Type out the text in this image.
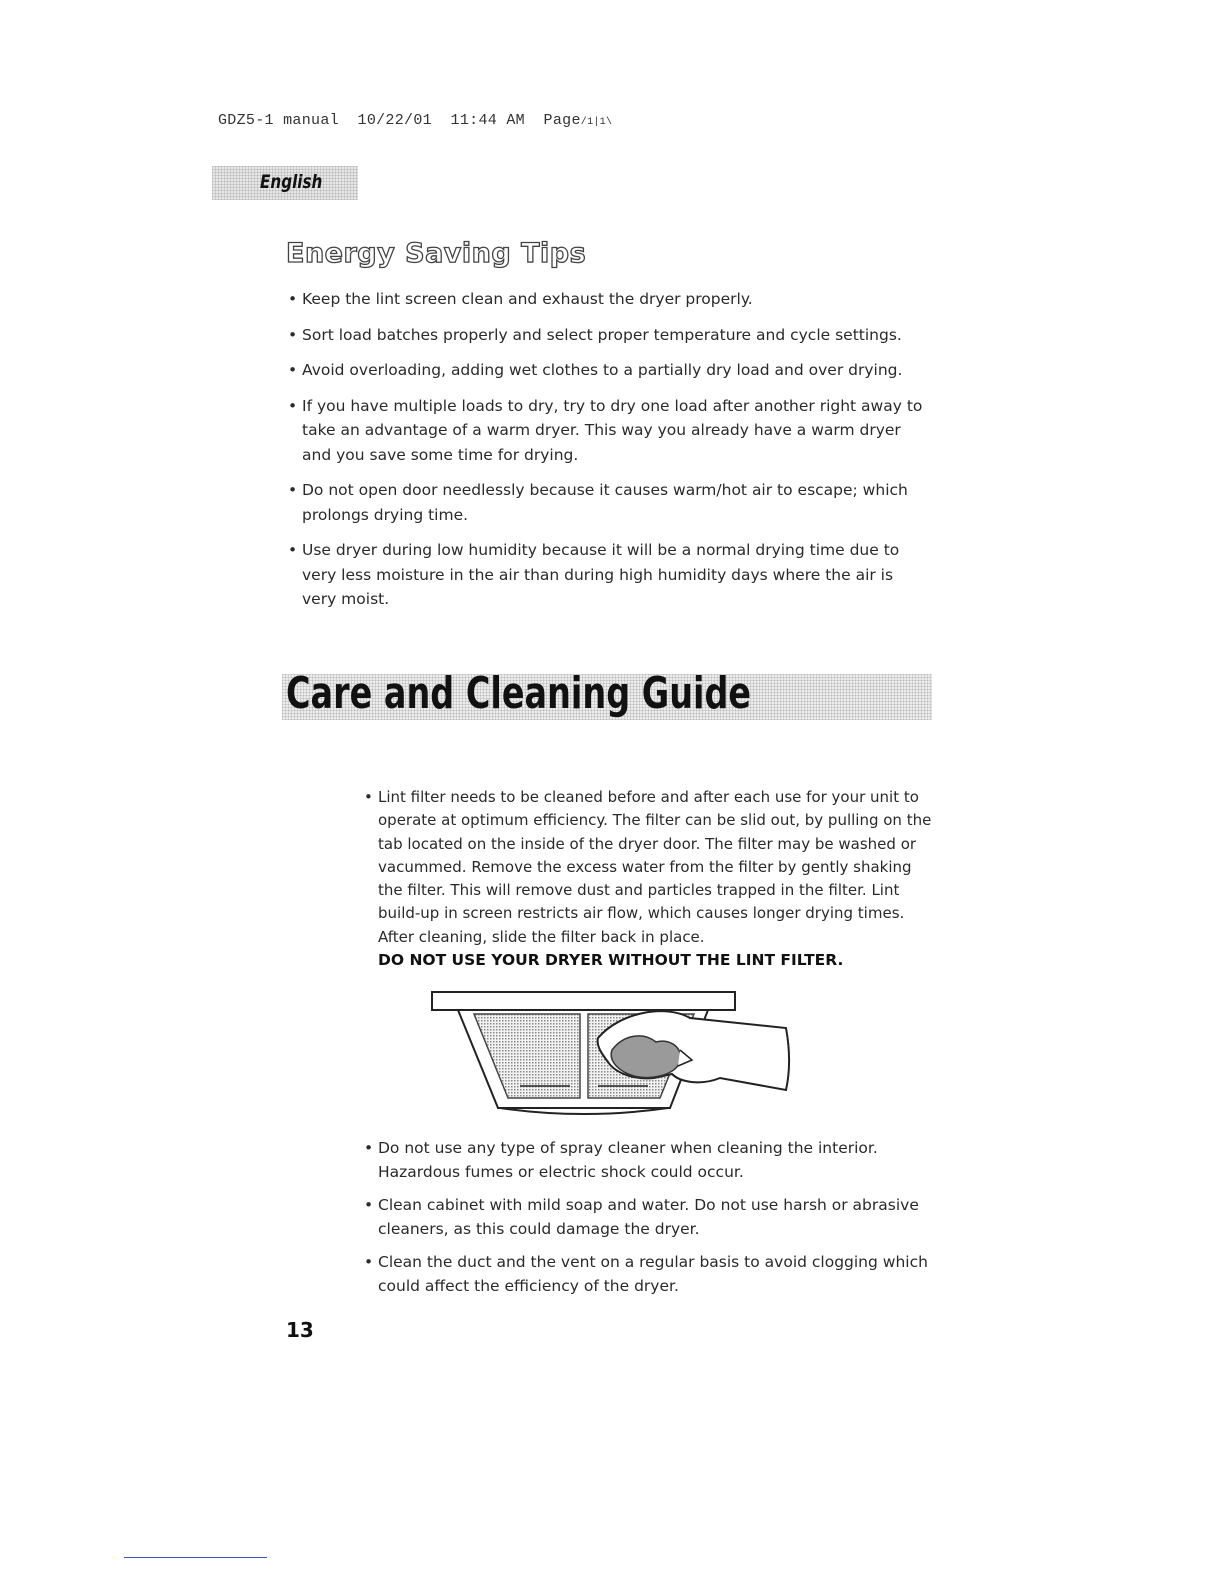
GDZ5-1 manual  10/22/01  11:44 AM  Page/1|1\
English
Energy Saving Tips
• Keep the lint screen clean and exhaust the dryer properly.
• Sort load batches properly and select proper temperature and cycle settings.
• Avoid overloading, adding wet clothes to a partially dry load and over drying.
• If you have multiple loads to dry, try to dry one load after another right away to take an advantage of a warm dryer. This way you already have a warm dryer and you save some time for drying.
• Do not open door needlessly because it causes warm/hot air to escape; which prolongs drying time.
• Use dryer during low humidity because it will be a normal drying time due to very less moisture in the air than during high humidity days where the air is very moist.
Care and Cleaning Guide
• Lint filter needs to be cleaned before and after each use for your unit to operate at optimum efficiency. The filter can be slid out, by pulling on the tab located on the inside of the dryer door. The filter may be washed or vacummed. Remove the excess water from the filter by gently shaking the filter. This will remove dust and particles trapped in the filter. Lint build-up in screen restricts air flow, which causes longer drying times. After cleaning, slide the filter back in place.
DO NOT USE YOUR DRYER WITHOUT THE LINT FILTER.
• Do not use any type of spray cleaner when cleaning the interior. Hazardous fumes or electric shock could occur.
• Clean cabinet with mild soap and water. Do not use harsh or abrasive cleaners, as this could damage the dryer.
• Clean the duct and the vent on a regular basis to avoid clogging which could affect the efficiency of the dryer.
13
